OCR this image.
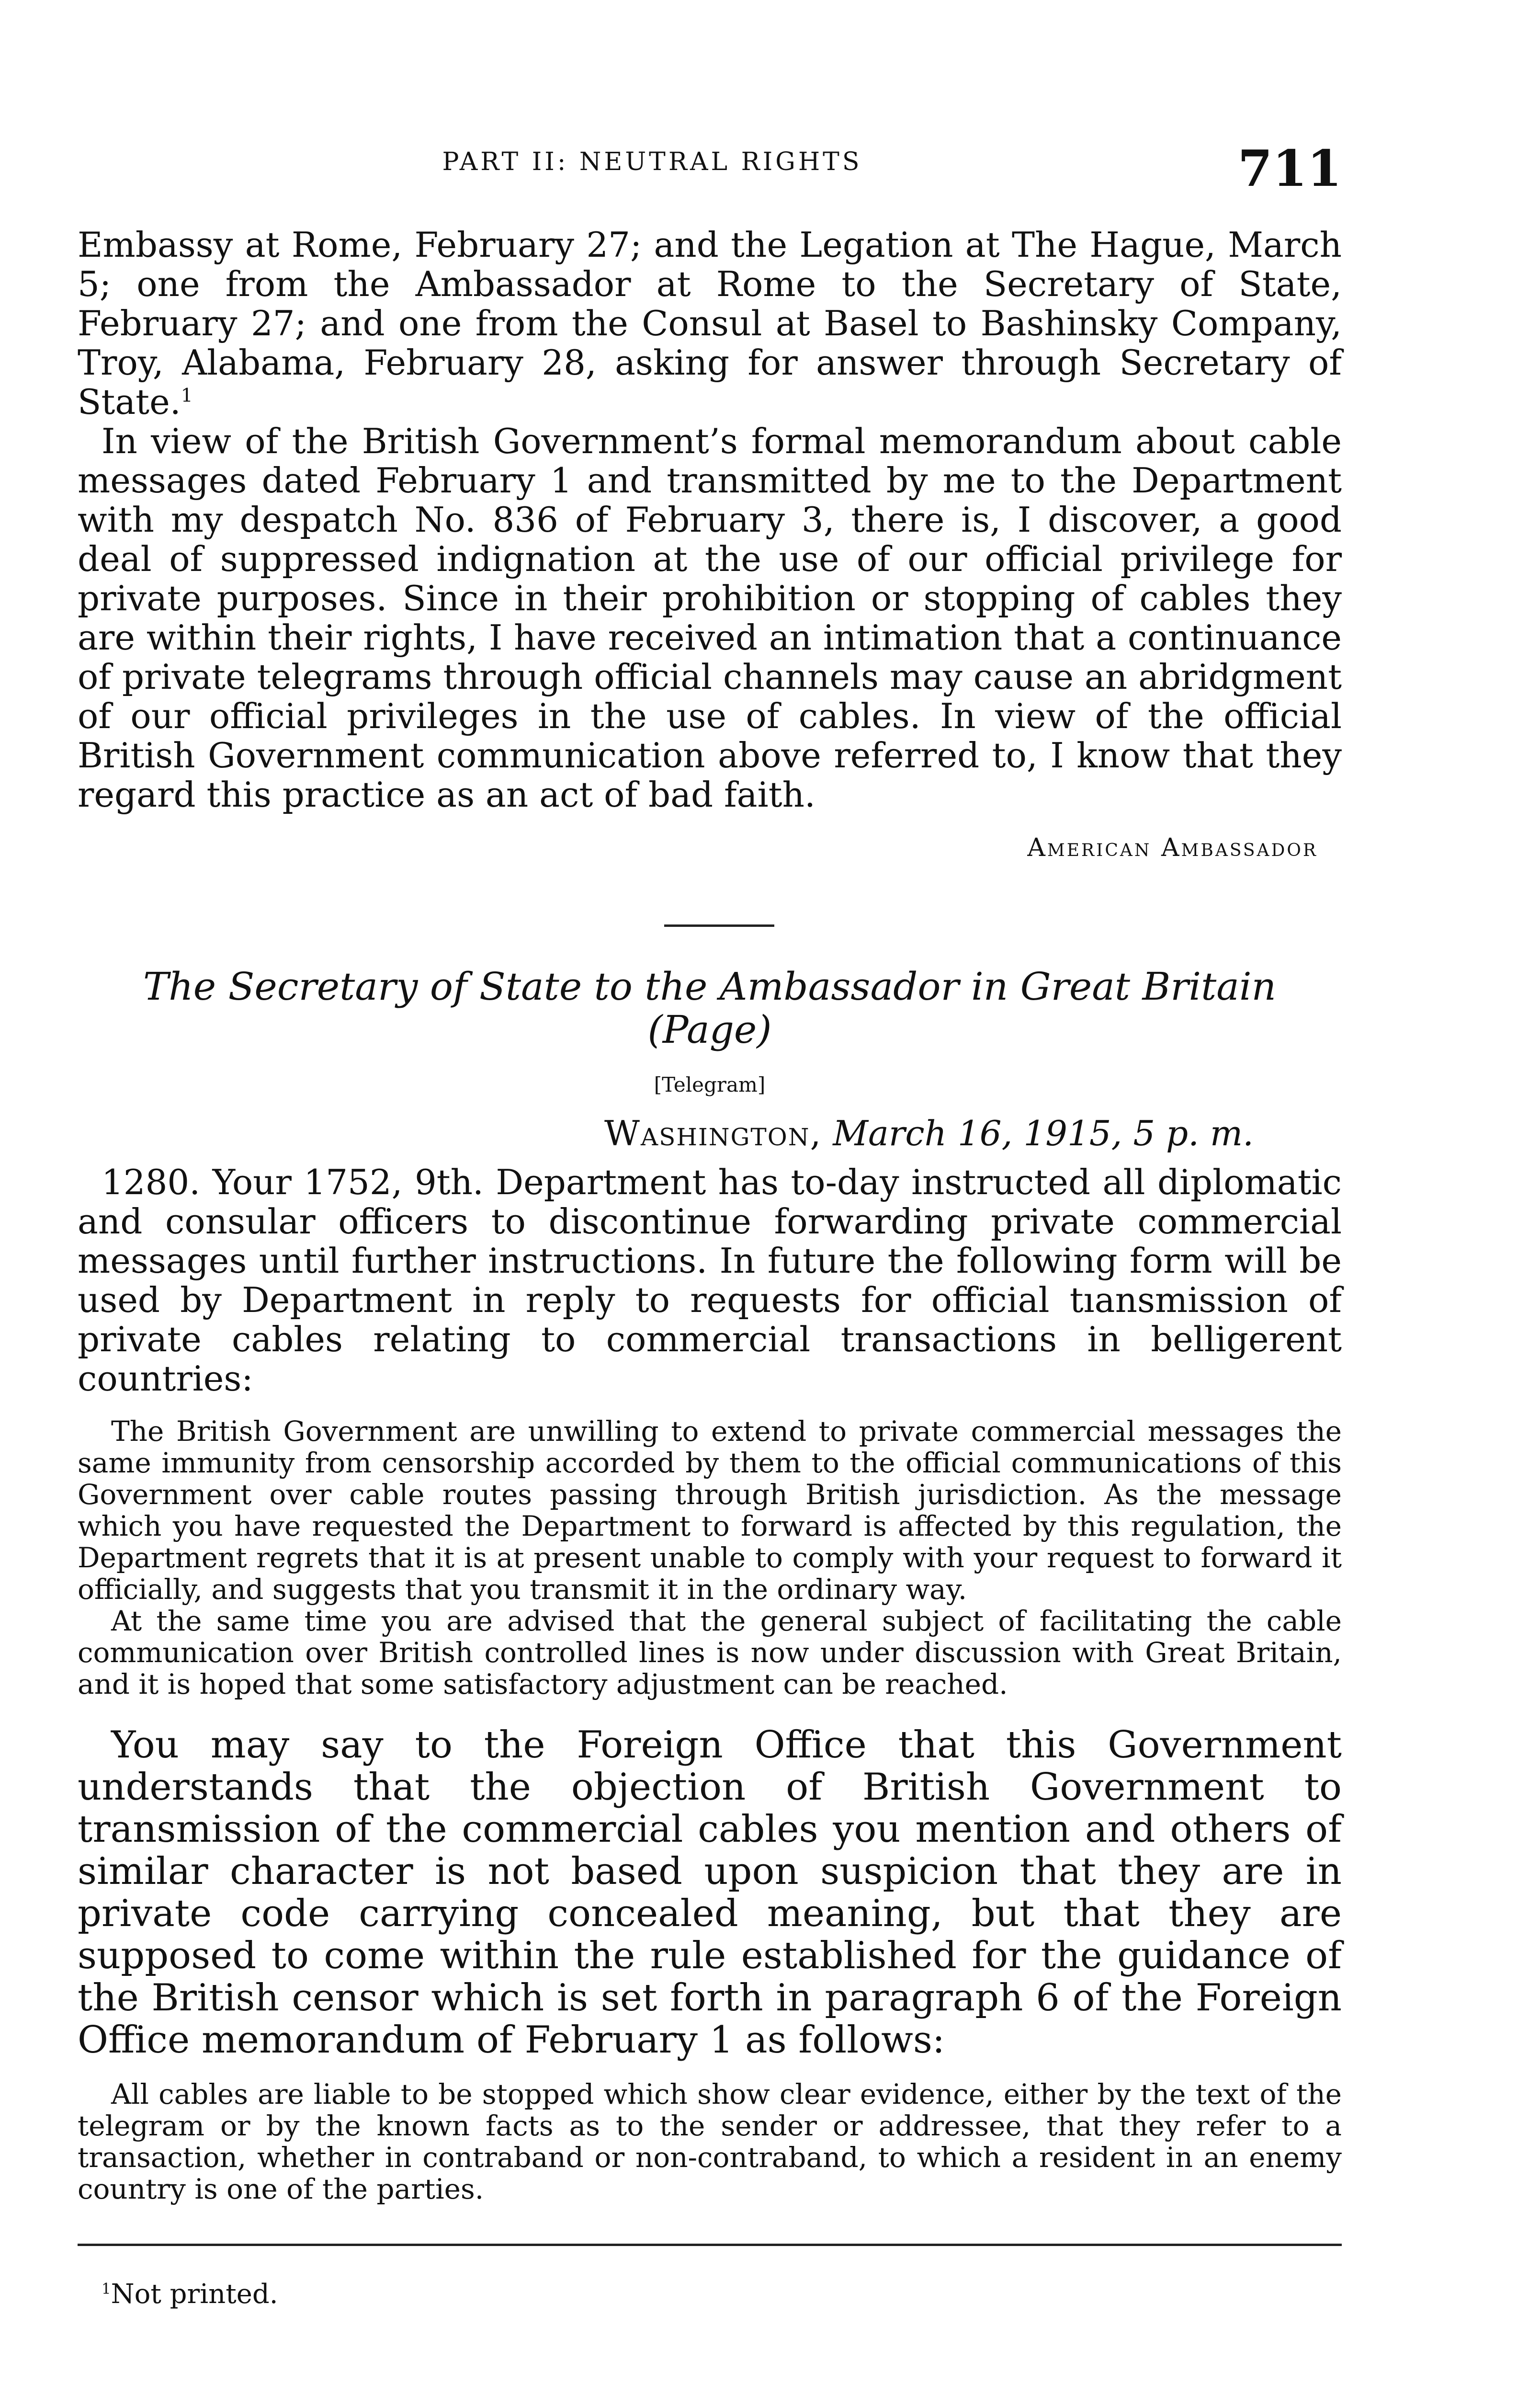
PART II: NEUTRAL RIGHTS	711

Embassy at Rome, February 27; and the Legation at The Hague, March 5; one from the Ambassador at Rome to the Secretary of State, February 27; and one from the Consul at Basel to Bashinsky Company, Troy, Alabama, February 28, asking for answer through Secretary of State.$^1$

In view of the British Government’s formal memorandum about cable messages dated February 1 and transmitted by me to the Department with my despatch No. 836 of February 3, there is, I discover, a good deal of suppressed indignation at the use of our official privilege for private purposes. Since in their prohibition or stopping of cables they are within their rights, I have received an intimation that a continuance of private telegrams through official channels may cause an abridgment of our official privileges in the use of cables. In view of the official British Government communication above referred to, I know that they regard this practice as an act of bad faith.

American Ambassador
The Secretary of State to the Ambassador in Great Britain (Page)
[Telegram]
Washington, March 16, 1915, 5 p. m.

1280. Your 1752, 9th. Department has to-day instructed all diplomatic and consular officers to discontinue forwarding private commercial messages until further instructions. In future the following form will be used by Department in reply to requests for official tıansmission of private cables relating to commercial transactions in belligerent countries:

The British Government are unwilling to extend to private commercial messages the same immunity from censorship accorded by them to the official communications of this Government over cable routes passing through British jurisdiction. As the message which you have requested the Department to forward is affected by this regulation, the Department regrets that it is at present unable to comply with your request to forward it officially, and suggests that you transmit it in the ordinary way.

At the same time you are advised that the general subject of facilitating the cable communication over British controlled lines is now under discussion with Great Britain, and it is hoped that some satisfactory adjustment can be reached.

You may say to the Foreign Office that this Government understands that the objection of British Government to transmission of the commercial cables you mention and others of similar character is not based upon suspicion that they are in private code carrying concealed meaning, but that they are supposed to come within the rule established for the guidance of the British censor which is set forth in paragraph 6 of the Foreign Office memorandum of February 1 as follows:

All cables are liable to be stopped which show clear evidence, either by the text of the telegram or by the known facts as to the sender or addressee, that they refer to a transaction, whether in contraband or non-contraband, to which a resident in an enemy country is one of the parties.

$^1$Not printed.
